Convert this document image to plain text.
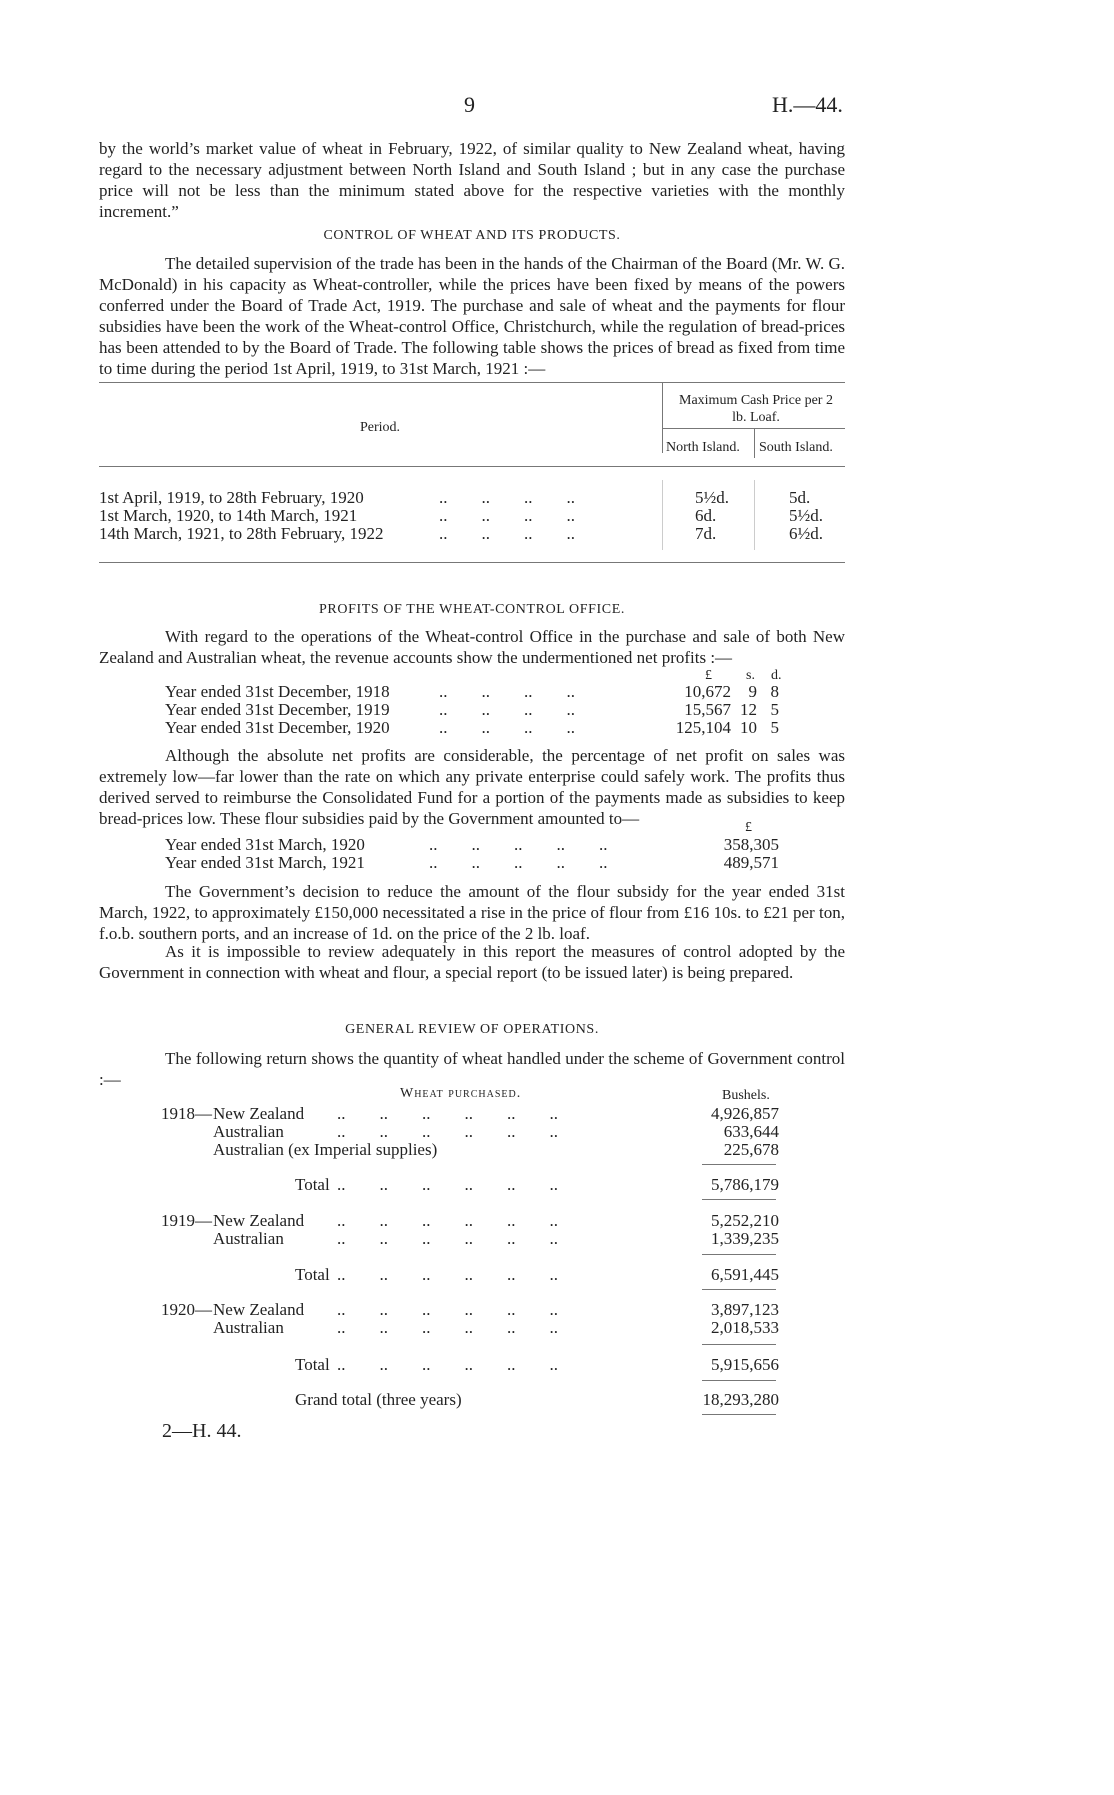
9	H.—44.
by the world’s market value of wheat in February, 1922, of similar quality to New Zealand wheat, having regard to the necessary adjustment between North Island and South Island ; but in any case the purchase price will not be less than the minimum stated above for the respective varieties with the monthly increment.”
CONTROL OF WHEAT AND ITS PRODUCTS.
The detailed supervision of the trade has been in the hands of the Chairman of the Board (Mr. W. G. McDonald) in his capacity as Wheat-controller, while the prices have been fixed by means of the powers conferred under the Board of Trade Act, 1919. The purchase and sale of wheat and the payments for flour subsidies have been the work of the Wheat-control Office, Christchurch, while the regulation of bread-prices has been attended to by the Board of Trade. The following table shows the prices of bread as fixed from time to time during the period 1st April, 1919, to 31st March, 1921 :—
Period.
Maximum Cash Price per 2 lb. Loaf.
North Island. South Island.
1st April, 1919, to 28th February, 1920	..        ..        ..        ..	5½d.	5d.
1st March, 1920, to 14th March, 1921	..        ..        ..        ..	6d.	5½d.
14th March, 1921, to 28th February, 1922	..        ..        ..        ..	7d.	6½d.
PROFITS OF THE WHEAT-CONTROL OFFICE.
With regard to the operations of the Wheat-control Office in the purchase and sale of both New Zealand and Australian wheat, the revenue accounts show the undermentioned net profits :—
£ s. d.
Year ended 31st December, 1918	..        ..        ..        ..	10,672 9 8
Year ended 31st December, 1919	..        ..        ..        ..	15,567 12 5
Year ended 31st December, 1920	..        ..        ..        ..	125,104 10 5
Although the absolute net profits are considerable, the percentage of net profit on sales was extremely low—far lower than the rate on which any private enterprise could safely work. The profits thus derived served to reimburse the Consolidated Fund for a portion of the payments made as subsidies to keep bread-prices low. These flour subsidies paid by the Government amounted to—	£
Year ended 31st March, 1920	..        ..        ..        ..        ..	358,305
Year ended 31st March, 1921	..        ..        ..        ..        ..	489,571
The Government’s decision to reduce the amount of the flour subsidy for the year ended 31st March, 1922, to approximately £150,000 necessitated a rise in the price of flour from £16 10s. to £21 per ton, f.o.b. southern ports, and an increase of 1d. on the price of the 2 lb. loaf.
As it is impossible to review adequately in this report the measures of control adopted by the Government in connection with wheat and flour, a special report (to be issued later) is being prepared.
GENERAL REVIEW OF OPERATIONS.
The following return shows the quantity of wheat handled under the scheme of Government control :—
Wheat purchased.	Bushels.
1918— New Zealand ..        ..        ..        ..        ..        ..	4,926,857
Australian	..        ..        ..        ..        ..        ..	633,644
Australian (ex Imperial supplies)	225,678
Total ..        ..        ..        ..        ..        ..	5,786,179
1919— New Zealand ..        ..        ..        ..        ..        ..	5,252,210
Australian	..        ..        ..        ..        ..        ..	1,339,235
Total ..        ..        ..        ..        ..        ..	6,591,445
1920— New Zealand ..        ..        ..        ..        ..        ..	3,897,123
Australian	..        ..        ..        ..        ..        ..	2,018,533
Total ..        ..        ..        ..        ..        ..	5,915,656
Grand total (three years)	18,293,280
2—H. 44.
